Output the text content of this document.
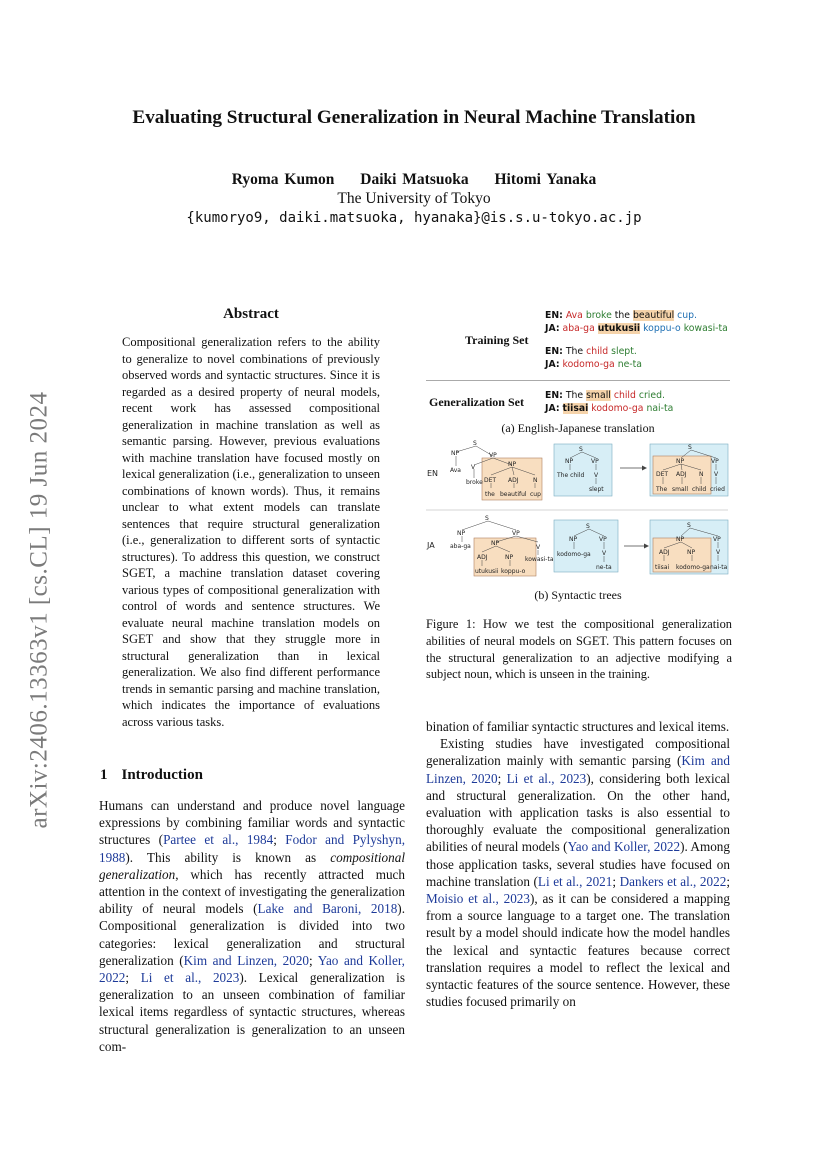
arXiv:2406.13363v1 [cs.CL] 19 Jun 2024
Evaluating Structural Generalization in Neural Machine Translation
Ryoma Kumon Daiki Matsuoka Hitomi Yanaka
The University of Tokyo
{kumoryo9, daiki.matsuoka, hyanaka}@is.s.u-tokyo.ac.jp
Abstract
Compositional generalization refers to the ability to generalize to novel combinations of previously observed words and syntactic structures. Since it is regarded as a desired property of neural models, recent work has assessed compositional generalization in machine translation as well as semantic parsing. However, previous evaluations with machine translation have focused mostly on lexical generalization (i.e., generalization to unseen combinations of known words). Thus, it remains unclear to what extent models can translate sentences that require structural generalization (i.e., generalization to different sorts of syntactic structures). To address this question, we construct SGET, a machine translation dataset covering various types of compositional generalization with control of words and sentence structures. We evaluate neural machine translation models on SGET and show that they struggle more in structural generalization than in lexical generalization. We also find different performance trends in semantic parsing and machine translation, which indicates the importance of evaluations across various tasks.
Training Set
EN: Ava broke the beautiful cup.
JA: aba-ga utukusii koppu-o kowasi-ta
EN: The child slept.
JA: kodomo-ga ne-ta
Generalization Set EN: The small child cried.
JA: tiisai kodomo-ga nai-ta
(a) English-Japanese translation
EN
S
NP	VP
Ava V	NP
broke DET ADJ N
the beautiful cup
S
NP	VP
The child V
slept
S
NP	VP
DET ADJ N V
The small child cried
JA
S
NP	VP
aba-ga	NP
V
ADJ	NP kowasi-ta
utukusii koppu-o
S
NP	VP
kodomo-ga V
ne-ta
S
NP	VP
ADJ	NP	V
tiisai kodomo-ga nai-ta
(b) Syntactic trees
Figure 1: How we test the compositional generalization abilities of neural models on SGET. This pattern focuses on the structural generalization to an adjective modifying a subject noun, which is unseen in the training.
1 Introduction

Humans can understand and produce novel language expressions by combining familiar words and syntactic structures (Partee et al., 1984; Fodor and Pylyshyn, 1988). This ability is known as compositional generalization, which has recently attracted much attention in the context of investigating the generalization ability of neural models (Lake and Baroni, 2018). Compositional generalization is divided into two categories: lexical generalization and structural generalization (Kim and Linzen, 2020; Yao and Koller, 2022; Li et al., 2023). Lexical generalization is generalization to an unseen combination of familiar lexical items regardless of syntactic structures, whereas structural generalization is generalization to an unseen com-

bination of familiar syntactic structures and lexical items.

Existing studies have investigated compositional generalization mainly with semantic parsing (Kim and Linzen, 2020; Li et al., 2023), considering both lexical and structural generalization. On the other hand, evaluation with application tasks is also essential to thoroughly evaluate the compositional generalization abilities of neural models (Yao and Koller, 2022). Among those application tasks, several studies have focused on machine translation (Li et al., 2021; Dankers et al., 2022; Moisio et al., 2023), as it can be considered a mapping from a source language to a target one. The translation result by a model should indicate how the model handles the lexical and syntactic features because correct translation requires a model to reflect the lexical and syntactic features of the source sentence. However, these studies focused primarily on
